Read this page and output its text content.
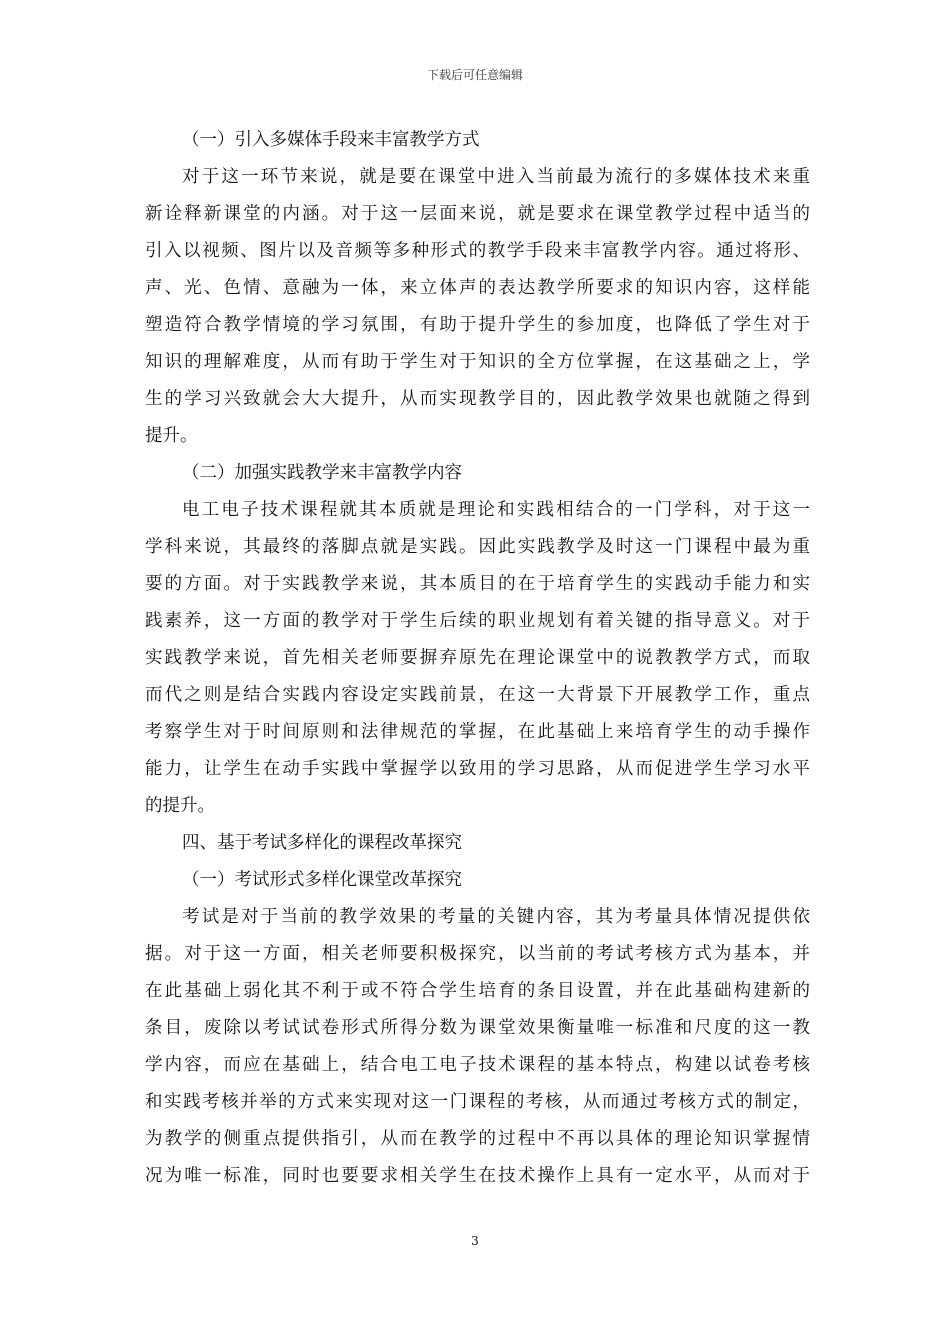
下载后可任意编辑
（一）引入多媒体手段来丰富教学方式
对于这一环节来说，就是要在课堂中进入当前最为流行的多媒体技术来重
新诠释新课堂的内涵。对于这一层面来说，就是要求在课堂教学过程中适当的
引入以视频、图片以及音频等多种形式的教学手段来丰富教学内容。通过将形、
声、光、色情、意融为一体，来立体声的表达教学所要求的知识内容，这样能
塑造符合教学情境的学习氛围，有助于提升学生的参加度，也降低了学生对于
知识的理解难度，从而有助于学生对于知识的全方位掌握，在这基础之上，学
生的学习兴致就会大大提升，从而实现教学目的，因此教学效果也就随之得到
提升。
（二）加强实践教学来丰富教学内容
电工电子技术课程就其本质就是理论和实践相结合的一门学科，对于这一
学科来说，其最终的落脚点就是实践。因此实践教学及时这一门课程中最为重
要的方面。对于实践教学来说，其本质目的在于培育学生的实践动手能力和实
践素养，这一方面的教学对于学生后续的职业规划有着关键的指导意义。对于
实践教学来说，首先相关老师要摒弃原先在理论课堂中的说教教学方式，而取
而代之则是结合实践内容设定实践前景，在这一大背景下开展教学工作，重点
考察学生对于时间原则和法律规范的掌握，在此基础上来培育学生的动手操作
能力，让学生在动手实践中掌握学以致用的学习思路，从而促进学生学习水平
的提升。
四、基于考试多样化的课程改革探究
（一）考试形式多样化课堂改革探究
考试是对于当前的教学效果的考量的关键内容，其为考量具体情况提供依
据。对于这一方面，相关老师要积极探究，以当前的考试考核方式为基本，并
在此基础上弱化其不利于或不符合学生培育的条目设置，并在此基础构建新的
条目，废除以考试试卷形式所得分数为课堂效果衡量唯一标准和尺度的这一教
学内容，而应在基础上，结合电工电子技术课程的基本特点，构建以试卷考核
和实践考核并举的方式来实现对这一门课程的考核，从而通过考核方式的制定，
为教学的侧重点提供指引，从而在教学的过程中不再以具体的理论知识掌握情
况为唯一标准，同时也要要求相关学生在技术操作上具有一定水平，从而对于
3
